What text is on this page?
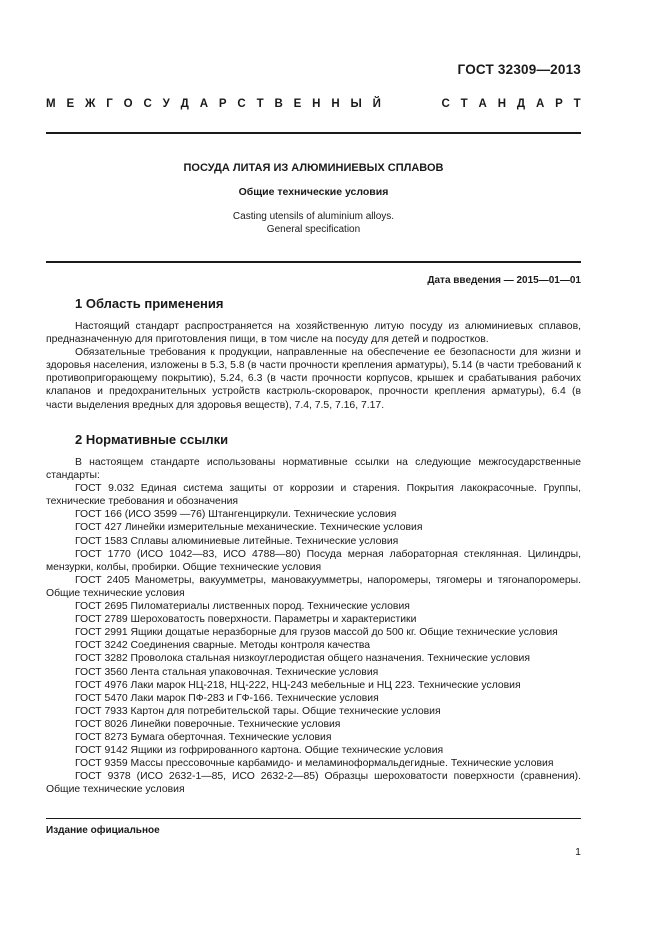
ГОСТ 32309—2013
М Е Ж Г О С У Д А Р С Т В Е Н Н Ы Й	С Т А Н Д А Р Т
ПОСУДА ЛИТАЯ ИЗ АЛЮМИНИЕВЫХ СПЛАВОВ
Общие технические условия
Casting utensils of aluminium alloys.
General specification
Дата введения — 2015—01—01
1 Область применения

Настоящий стандарт распространяется на хозяйственную литую посуду из алюминиевых сплавов, предназначенную для приготовления пищи, в том числе на посуду для детей и подростков.

Обязательные требования к продукции, направленные на обеспечение ее безопасности для жизни и здоровья населения, изложены в 5.3, 5.8 (в части прочности крепления арматуры), 5.14 (в части требований к противопригорающему покрытию), 5.24, 6.3 (в части прочности корпусов, крышек и срабатывания рабочих клапанов и предохранительных устройств кастрюль-скороварок, прочности крепления арматуры), 6.4 (в части выделения вредных для здоровья веществ), 7.4, 7.5, 7.16, 7.17.

2 Нормативные ссылки

В настоящем стандарте использованы нормативные ссылки на следующие межгосударственные стандарты:

ГОСТ 9.032 Единая система защиты от коррозии и старения. Покрытия лакокрасочные. Группы, технические требования и обозначения

ГОСТ 166 (ИСО 3599 —76) Штангенциркули. Технические условия

ГОСТ 427 Линейки измерительные механические. Технические условия

ГОСТ 1583 Сплавы алюминиевые литейные. Технические условия

ГОСТ 1770 (ИСО 1042—83, ИСО 4788—80) Посуда мерная лабораторная стеклянная. Цилиндры, мензурки, колбы, пробирки. Общие технические условия

ГОСТ 2405 Манометры, вакуумметры, мановакуумметры, напоромеры, тягомеры и тягонапоромеры. Общие технические условия

ГОСТ 2695 Пиломатериалы лиственных пород. Технические условия

ГОСТ 2789 Шероховатость поверхности. Параметры и характеристики

ГОСТ 2991 Ящики дощатые неразборные для грузов массой до 500 кг. Общие технические условия

ГОСТ 3242 Соединения сварные. Методы контроля качества

ГОСТ 3282 Проволока стальная низкоуглеродистая общего назначения. Технические условия

ГОСТ 3560 Лента стальная упаковочная. Технические условия

ГОСТ 4976 Лаки марок НЦ-218, НЦ-222, НЦ-243 мебельные и НЦ 223. Технические условия

ГОСТ 5470 Лаки марок ПФ-283 и ГФ-166. Технические условия

ГОСТ 7933 Картон для потребительской тары. Общие технические условия

ГОСТ 8026 Линейки поверочные. Технические условия

ГОСТ 8273 Бумага оберточная. Технические условия

ГОСТ 9142 Ящики из гофрированного картона. Общие технические условия

ГОСТ 9359 Массы прессовочные карбамидо- и меламиноформальдегидные. Технические условия

ГОСТ 9378 (ИСО 2632-1—85, ИСО 2632-2—85) Образцы шероховатости поверхности (сравнения). Общие технические условия

Издание официальное
1
